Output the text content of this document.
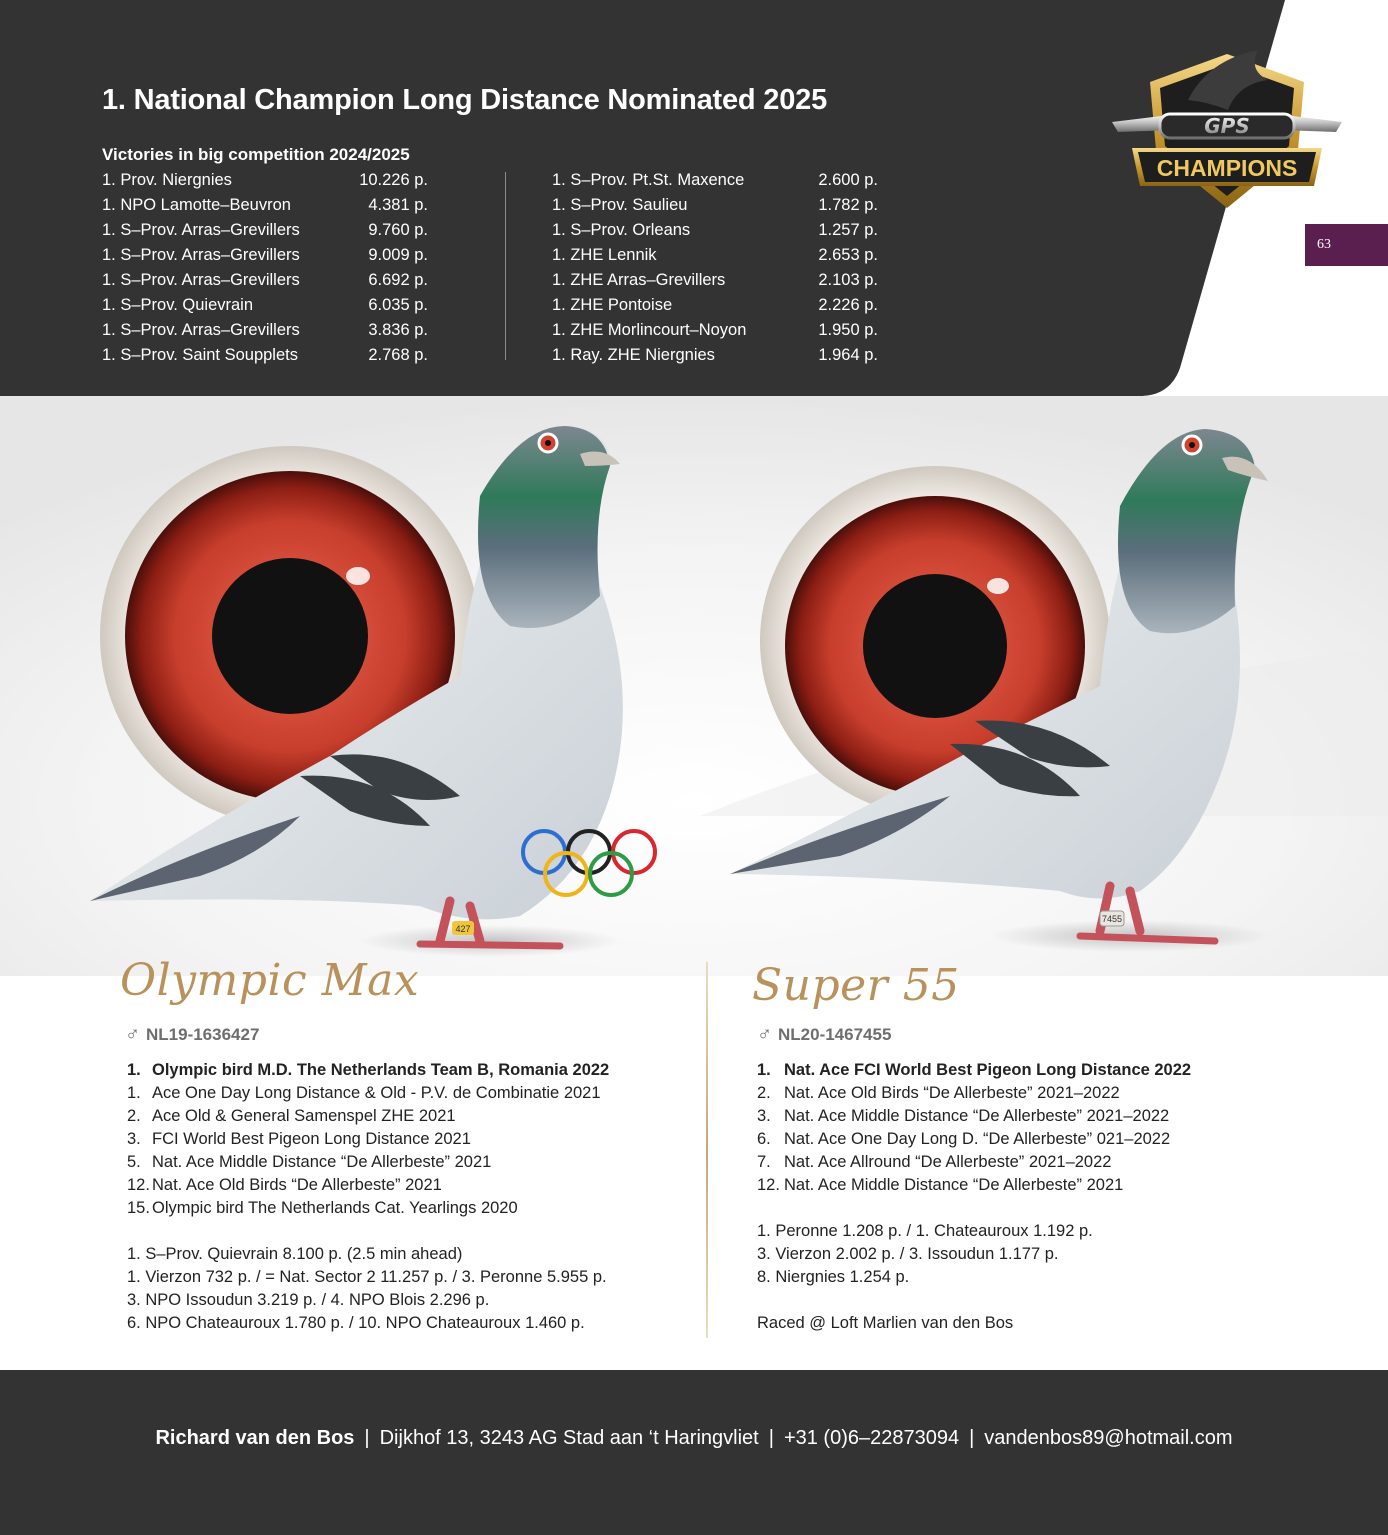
1. National Champion Long Distance Nominated 2025
Victories in big competition 2024/2025
1. Prov. Niergnies	10.226 p.
1. NPO Lamotte–Beuvron	4.381 p.
1. S–Prov. Arras–Grevillers	9.760 p.
1. S–Prov. Arras–Grevillers	9.009 p.
1. S–Prov. Arras–Grevillers	6.692 p.
1. S–Prov. Quievrain	6.035 p.
1. S–Prov. Arras–Grevillers	3.836 p.
1. S–Prov. Saint Soupplets	2.768 p.
1. S–Prov. Pt.St. Maxence	2.600 p.
1. S–Prov. Saulieu	1.782 p.
1. S–Prov. Orleans	1.257 p.
1. ZHE Lennik	2.653 p.
1. ZHE Arras–Grevillers	2.103 p.
1. ZHE Pontoise	2.226 p.
1. ZHE Morlincourt–Noyon	1.950 p.
1. Ray. ZHE Niergnies	1.964 p.
GPS
CHAMPIONS
63
427
7455
Olympic Max
♂ NL19-1636427
1. Olympic bird M.D. The Netherlands Team B, Romania 2022
1. Ace One Day Long Distance & Old - P.V. de Combinatie 2021
2. Ace Old & General Samenspel ZHE 2021
3. FCI World Best Pigeon Long Distance 2021
5. Nat. Ace Middle Distance “De Allerbeste” 2021
12. Nat. Ace Old Birds “De Allerbeste” 2021
15. Olympic bird The Netherlands Cat. Yearlings 2020
1. S–Prov. Quievrain 8.100 p. (2.5 min ahead)
1. Vierzon 732 p. / = Nat. Sector 2 11.257 p. / 3. Peronne 5.955 p.
3. NPO Issoudun 3.219 p. / 4. NPO Blois 2.296 p.
6. NPO Chateauroux 1.780 p. / 10. NPO Chateauroux 1.460 p.
Super 55
♂ NL20-1467455
1. Nat. Ace FCI World Best Pigeon Long Distance 2022
2. Nat. Ace Old Birds “De Allerbeste” 2021–2022
3. Nat. Ace Middle Distance “De Allerbeste” 2021–2022
6. Nat. Ace One Day Long D. “De Allerbeste” 021–2022
7. Nat. Ace Allround “De Allerbeste” 2021–2022
12. Nat. Ace Middle Distance “De Allerbeste” 2021
1. Peronne 1.208 p. / 1. Chateauroux 1.192 p.
3. Vierzon 2.002 p. / 3. Issoudun 1.177 p.
8. Niergnies 1.254 p.
Raced @ Loft Marlien van den Bos
Richard van den Bos | Dijkhof 13, 3243 AG Stad aan ‘t Haringvliet | +31 (0)6–22873094 | vandenbos89@hotmail.com
